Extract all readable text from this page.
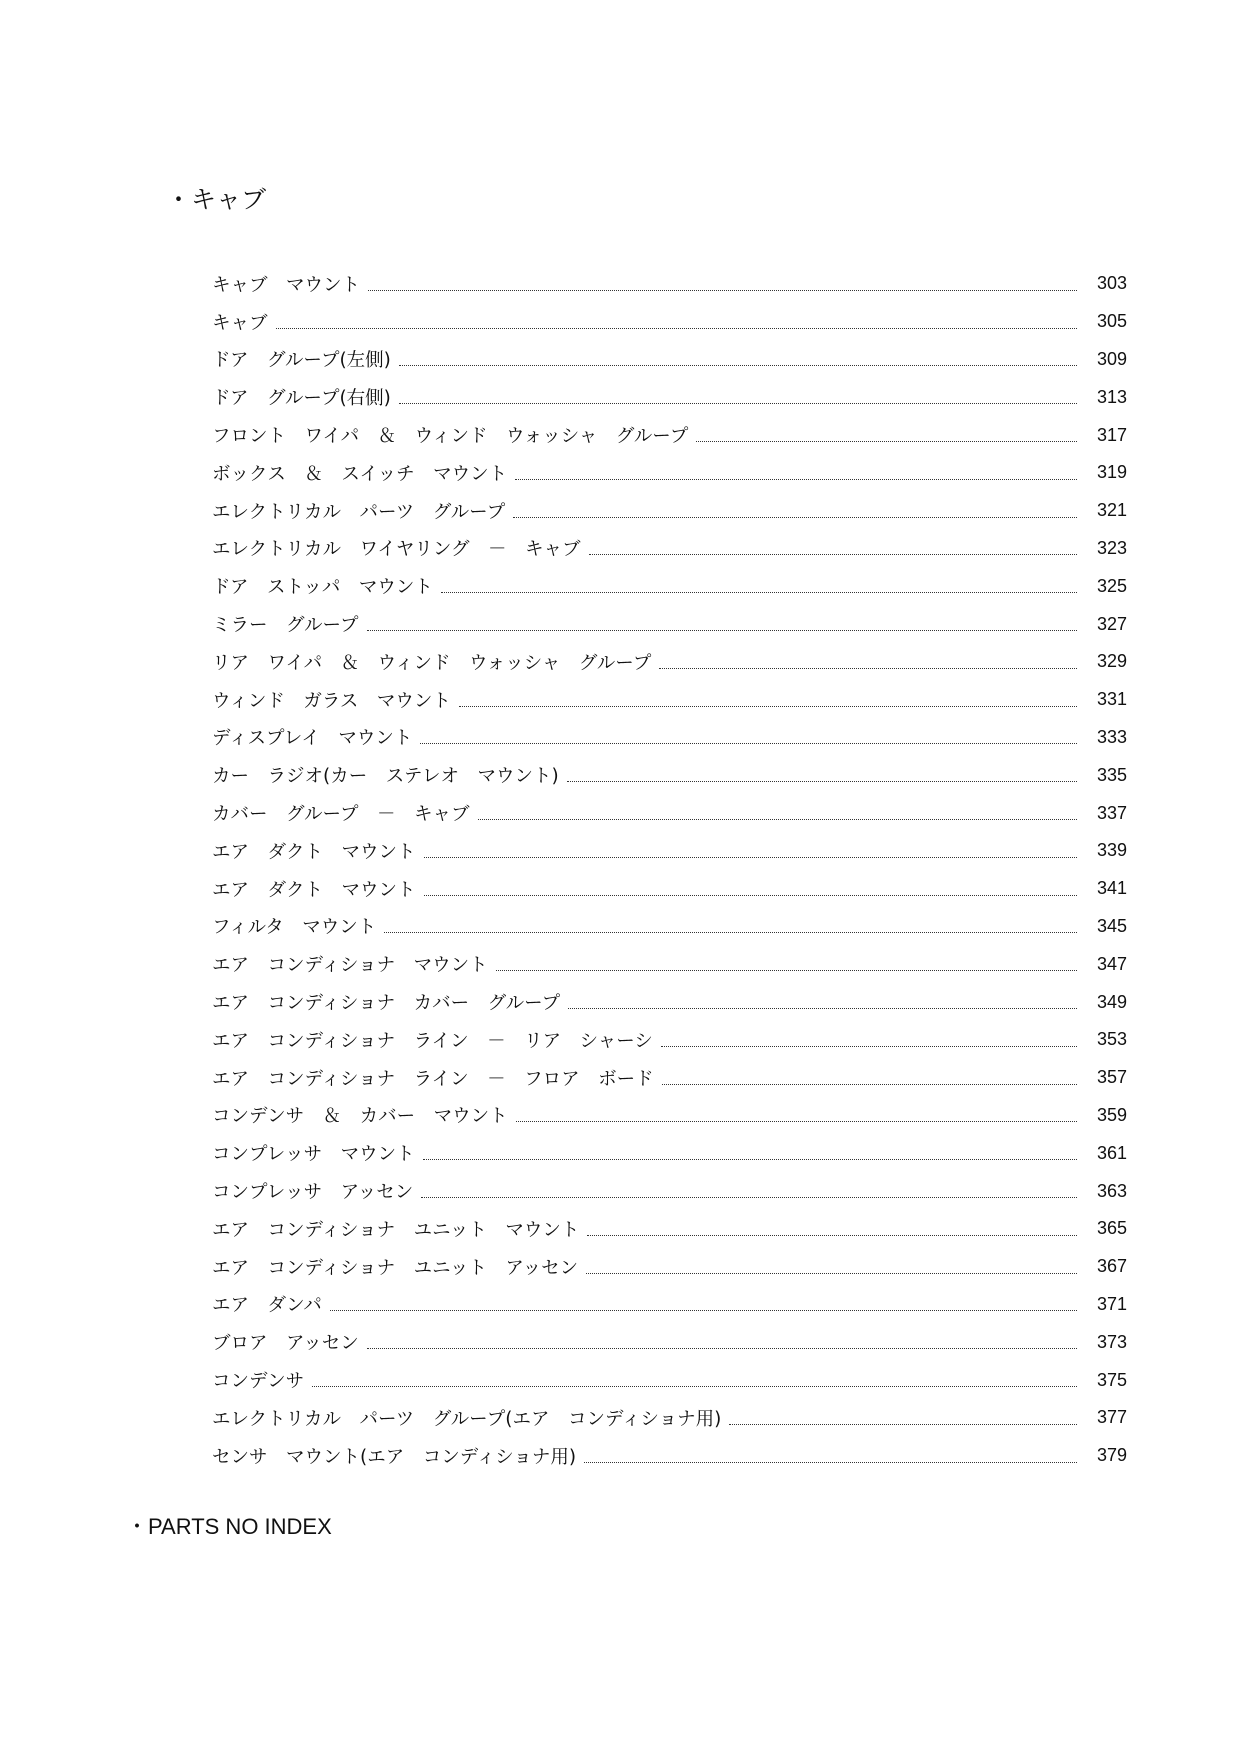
・キャブ
キャブ　マウント	303
キャブ	305
ドア　グループ(左側)	309
ドア　グループ(右側)	313
フロント　ワイパ　＆　ウィンド　ウォッシャ　グループ	317
ボックス　＆　スイッチ　マウント	319
エレクトリカル　パーツ　グループ	321
エレクトリカル　ワイヤリング　－　キャブ	323
ドア　ストッパ　マウント	325
ミラー　グループ	327
リア　ワイパ　＆　ウィンド　ウォッシャ　グループ	329
ウィンド　ガラス　マウント	331
ディスプレイ　マウント	333
カー　ラジオ(カー　ステレオ　マウント)	335
カバー　グループ　－　キャブ	337
エア　ダクト　マウント	339
エア　ダクト　マウント	341
フィルタ　マウント	345
エア　コンディショナ　マウント	347
エア　コンディショナ　カバー　グループ	349
エア　コンディショナ　ライン　－　リア　シャーシ	353
エア　コンディショナ　ライン　－　フロア　ボード	357
コンデンサ　＆　カバー　マウント	359
コンプレッサ　マウント	361
コンプレッサ　アッセン	363
エア　コンディショナ　ユニット　マウント	365
エア　コンディショナ　ユニット　アッセン	367
エア　ダンパ	371
ブロア　アッセン	373
コンデンサ	375
エレクトリカル　パーツ　グループ(エア　コンディショナ用)	377
センサ　マウント(エア　コンディショナ用)	379
・PARTS NO INDEX
